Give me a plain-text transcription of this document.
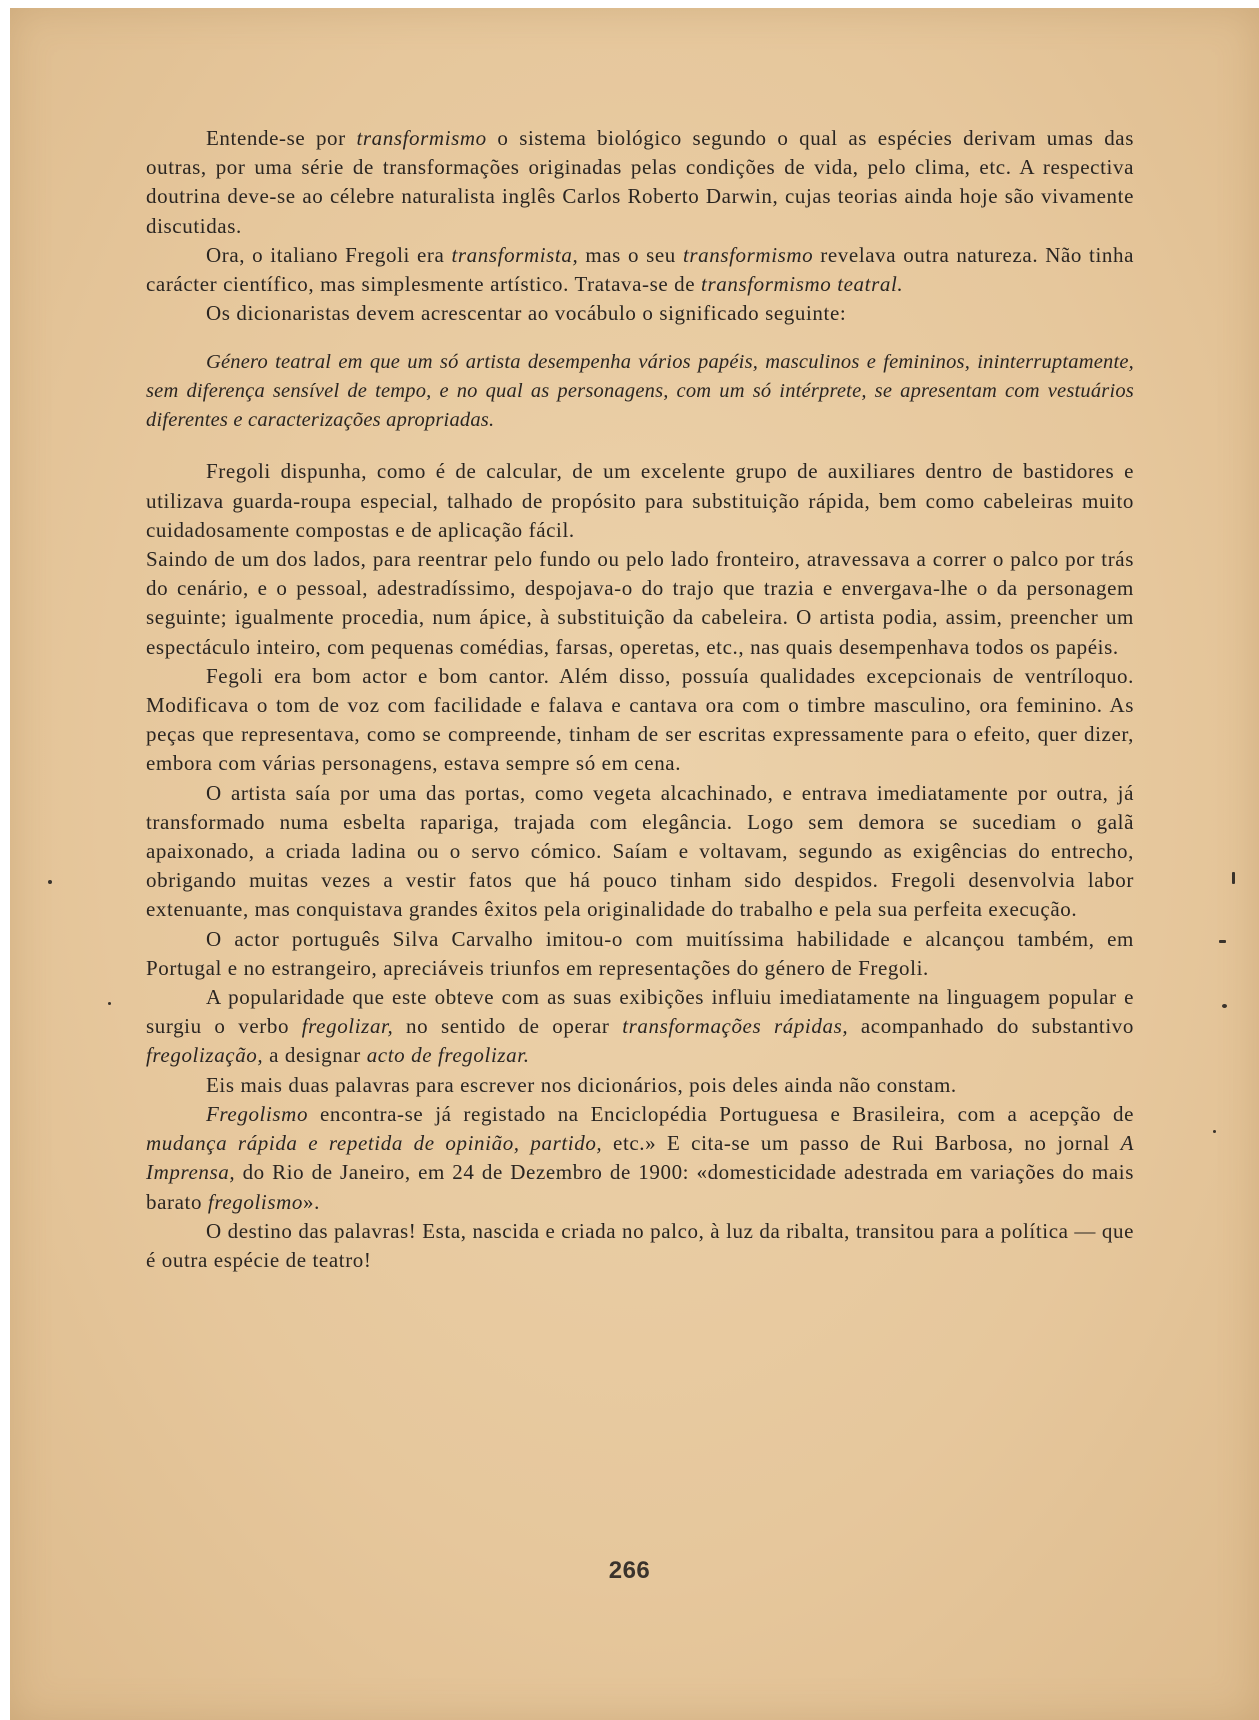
Entende-se por transformismo o sistema biológico segundo o qual as espécies derivam umas das outras, por uma série de transformações originadas pelas condições de vida, pelo clima, etc. A respectiva doutrina deve-se ao célebre naturalista inglês Carlos Roberto Darwin, cujas teorias ainda hoje são vivamente discutidas.

Ora, o italiano Fregoli era transformista, mas o seu transformismo revelava outra natureza. Não tinha carácter científico, mas simplesmente artístico. Tratava-se de transformismo teatral.

Os dicionaristas devem acrescentar ao vocábulo o significado seguinte:

Género teatral em que um só artista desempenha vários papéis, masculinos e femininos, ininterruptamente, sem diferença sensível de tempo, e no qual as personagens, com um só intérprete, se apresentam com vestuários diferentes e caracterizações apropriadas.

Fregoli dispunha, como é de calcular, de um excelente grupo de auxiliares dentro de bastidores e utilizava guarda-roupa especial, talhado de propósito para substituição rápida, bem como cabeleiras muito cuidadosamente compostas e de aplicação fácil.

Saindo de um dos lados, para reentrar pelo fundo ou pelo lado fronteiro, atravessava a correr o palco por trás do cenário, e o pessoal, adestradíssimo, despojava-o do trajo que trazia e envergava-lhe o da personagem seguinte; igualmente procedia, num ápice, à substituição da cabeleira. O artista podia, assim, preencher um espectáculo inteiro, com pequenas comédias, farsas, operetas, etc., nas quais desempenhava todos os papéis.

Fegoli era bom actor e bom cantor. Além disso, possuía qualidades excepcionais de ventríloquo. Modificava o tom de voz com facilidade e falava e cantava ora com o timbre masculino, ora feminino. As peças que representava, como se compreende, tinham de ser escritas expressamente para o efeito, quer dizer, embora com várias personagens, estava sempre só em cena.

O artista saía por uma das portas, como vegeta alcachinado, e entrava imediatamente por outra, já transformado numa esbelta rapariga, trajada com elegância. Logo sem demora se sucediam o galã apaixonado, a criada ladina ou o servo cómico. Saíam e voltavam, segundo as exigências do entrecho, obrigando muitas vezes a vestir fatos que há pouco tinham sido despidos. Fregoli desenvolvia labor extenuante, mas conquistava grandes êxitos pela originalidade do trabalho e pela sua perfeita execução.

O actor português Silva Carvalho imitou-o com muitíssima habilidade e alcançou também, em Portugal e no estrangeiro, apreciáveis triunfos em representações do género de Fregoli.

A popularidade que este obteve com as suas exibições influiu imediatamente na linguagem popular e surgiu o verbo fregolizar, no sentido de operar transformações rápidas, acompanhado do substantivo fregolização, a designar acto de fregolizar.

Eis mais duas palavras para escrever nos dicionários, pois deles ainda não constam.

Fregolismo encontra-se já registado na Enciclopédia Portuguesa e Brasileira, com a acepção de mudança rápida e repetida de opinião, partido, etc.» E cita-se um passo de Rui Barbosa, no jornal A Imprensa, do Rio de Janeiro, em 24 de Dezembro de 1900: «domesticidade adestrada em variações do mais barato fregolismo».

O destino das palavras! Esta, nascida e criada no palco, à luz da ribalta, transitou para a política — que é outra espécie de teatro!

266
